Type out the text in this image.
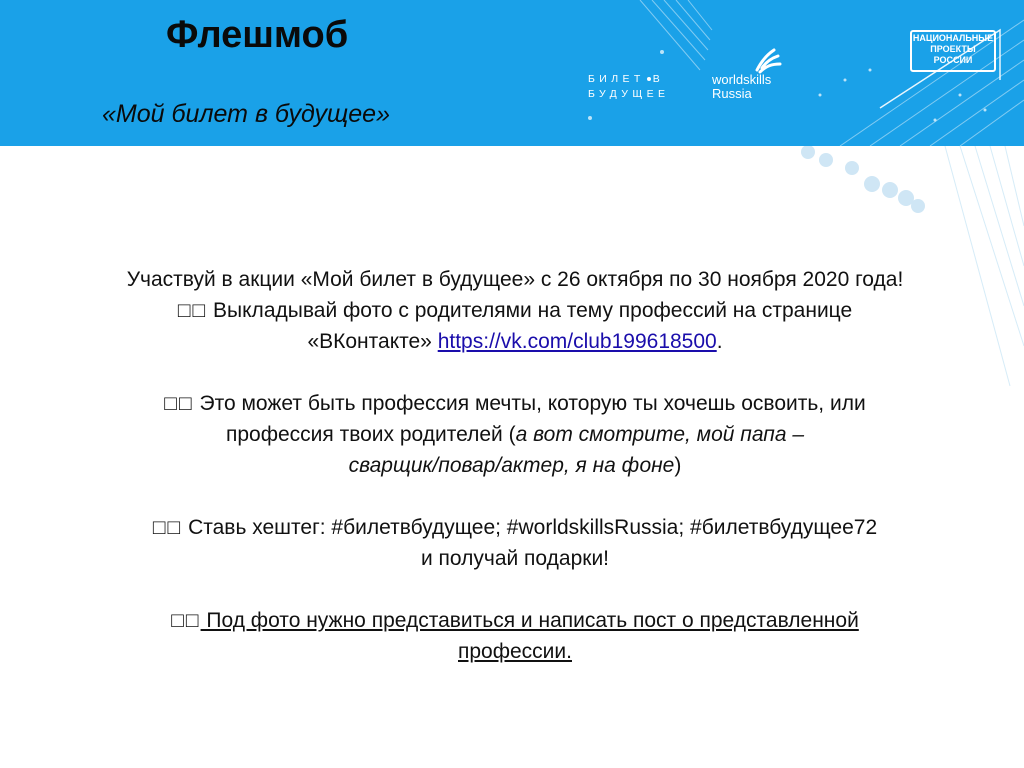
Флешмоб

«Мой билет в будущее»

БИЛЕТ В
БУДУЩЕЕ
worldskills
Russia
НАЦИОНАЛЬНЫЕ
ПРОЕКТЫ
РОССИИ

Участвуй в акции «Мой билет в будущее» с 26 октября по 30 ноября 2020 года!

□□ Выкладывай фото с родителями на тему профессий на странице

«ВКонтакте» https://vk.com/club199618500.

□□ Это может быть профессия мечты, которую ты хочешь освоить, или

профессия твоих родителей (а вот смотрите, мой папа –

сварщик/повар/актер, я на фоне)

□□ Ставь хештег: #билетвбудущее; #worldskillsRussia; #билетвбудущее72

и получай подарки!

□□ Под фото нужно представиться и написать пост о представленной

профессии.
